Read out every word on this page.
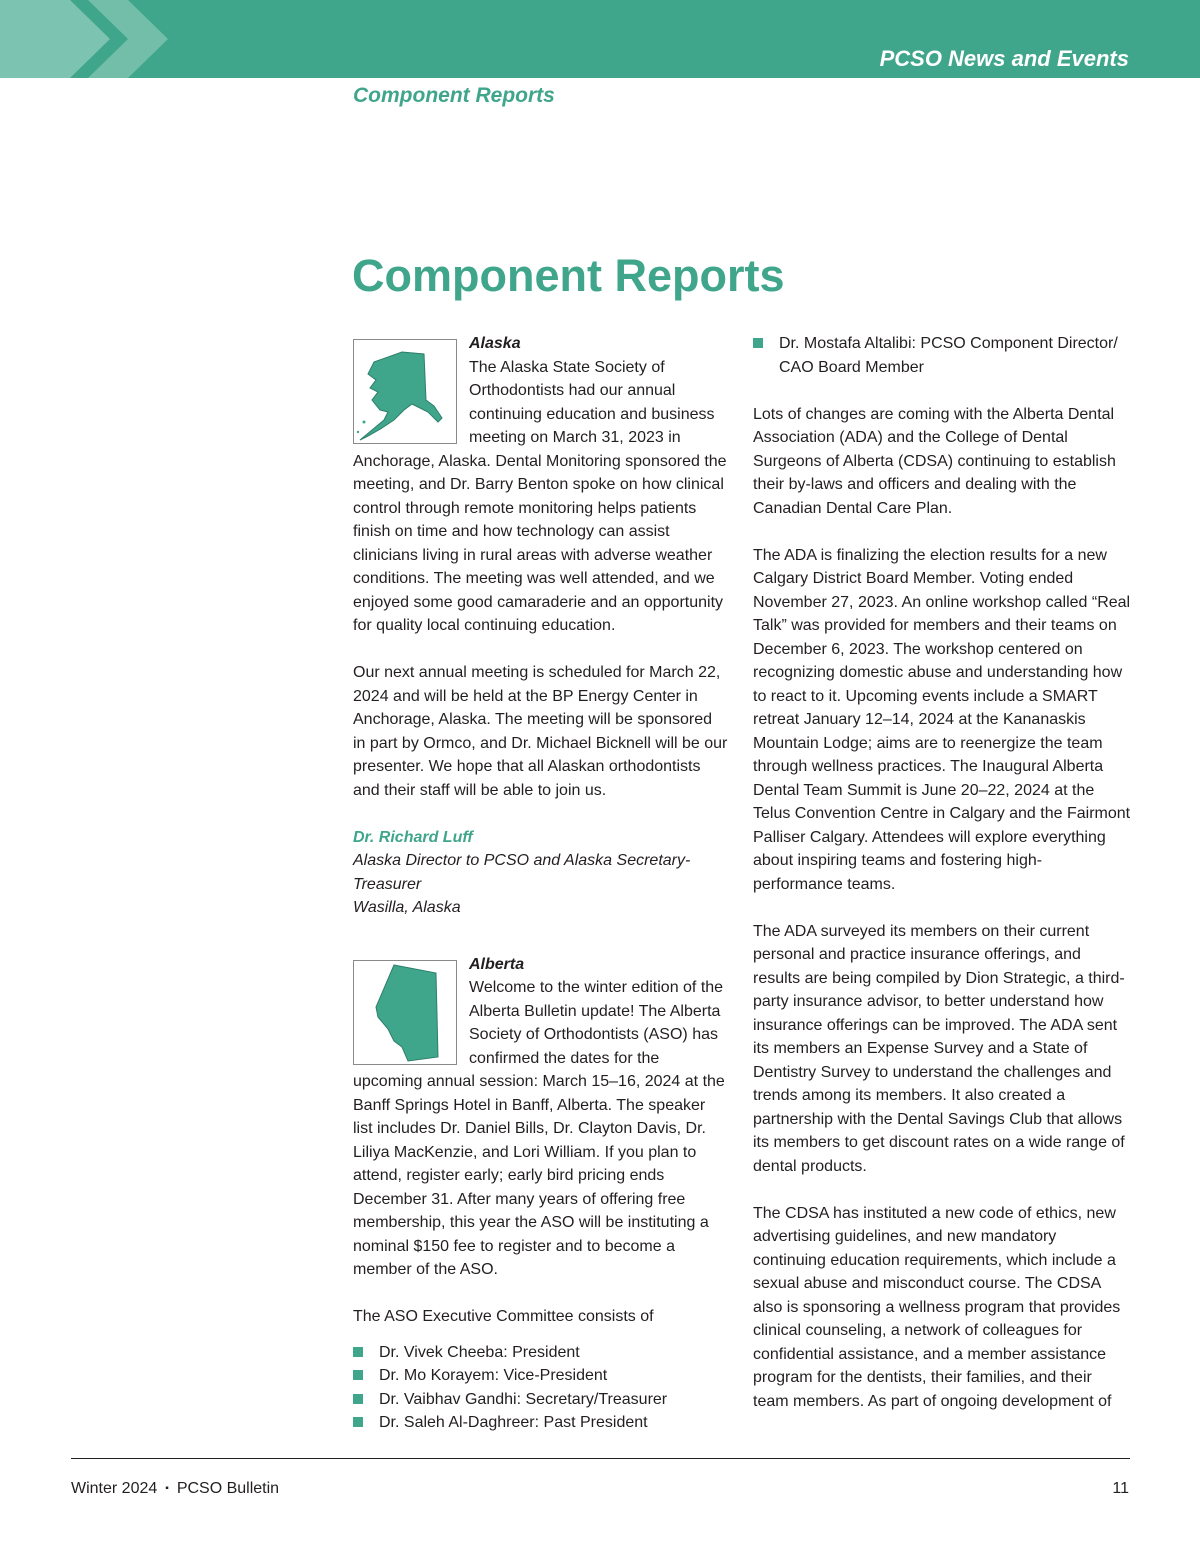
PCSO News and Events
Component Reports
Component Reports
Alaska

The Alaska State Society of Orthodontists had our annual continuing education and business meeting on March 31, 2023 in Anchorage, Alaska. Dental Monitoring sponsored the meeting, and Dr. Barry Benton spoke on how clinical control through remote monitoring helps patients finish on time and how technology can assist clinicians living in rural areas with adverse weather conditions. The meeting was well attended, and we enjoyed some good camaraderie and an opportunity for quality local continuing education.

Our next annual meeting is scheduled for March 22, 2024 and will be held at the BP Energy Center in Anchorage, Alaska. The meeting will be sponsored in part by Ormco, and Dr. Michael Bicknell will be our presenter. We hope that all Alaskan orthodontists and their staff will be able to join us.

Dr. Richard Luff
Alaska Director to PCSO and Alaska Secretary-Treasurer
Wasilla, Alaska
Alberta

Welcome to the winter edition of the Alberta Bulletin update! The Alberta Society of Orthodontists (ASO) has confirmed the dates for the upcoming annual session: March 15–16, 2024 at the Banff Springs Hotel in Banff, Alberta. The speaker list includes Dr. Daniel Bills, Dr. Clayton Davis, Dr. Liliya MacKenzie, and Lori William. If you plan to attend, register early; early bird pricing ends December 31. After many years of offering free membership, this year the ASO will be instituting a nominal $150 fee to register and to become a member of the ASO.

The ASO Executive Committee consists of

Dr. Vivek Cheeba: President
Dr. Mo Korayem: Vice-President
Dr. Vaibhav Gandhi: Secretary/Treasurer
Dr. Saleh Al-Daghreer: Past President
Dr. Mostafa Altalibi: PCSO Component Director/ CAO Board Member

Lots of changes are coming with the Alberta Dental Association (ADA) and the College of Dental Surgeons of Alberta (CDSA) continuing to establish their by-laws and officers and dealing with the Canadian Dental Care Plan.

The ADA is finalizing the election results for a new Calgary District Board Member. Voting ended November 27, 2023. An online workshop called “Real Talk” was provided for members and their teams on December 6, 2023. The workshop centered on recognizing domestic abuse and understanding how to react to it. Upcoming events include a SMART retreat January 12–14, 2024 at the Kananaskis Mountain Lodge; aims are to reenergize the team through wellness practices. The Inaugural Alberta Dental Team Summit is June 20–22, 2024 at the Telus Convention Centre in Calgary and the Fairmont Palliser Calgary. Attendees will explore everything about inspiring teams and fostering high-performance teams.

The ADA surveyed its members on their current personal and practice insurance offerings, and results are being compiled by Dion Strategic, a third-party insurance advisor, to better understand how insurance offerings can be improved. The ADA sent its members an Expense Survey and a State of Dentistry Survey to understand the challenges and trends among its members. It also created a partnership with the Dental Savings Club that allows its members to get discount rates on a wide range of dental products.

The CDSA has instituted a new code of ethics, new advertising guidelines, and new mandatory continuing education requirements, which include a sexual abuse and misconduct course. The CDSA also is sponsoring a wellness program that provides clinical counseling, a network of colleagues for confidential assistance, and a member assistance program for the dentists, their families, and their team members. As part of ongoing development of

Winter 2024 ▪ PCSO Bulletin	11
